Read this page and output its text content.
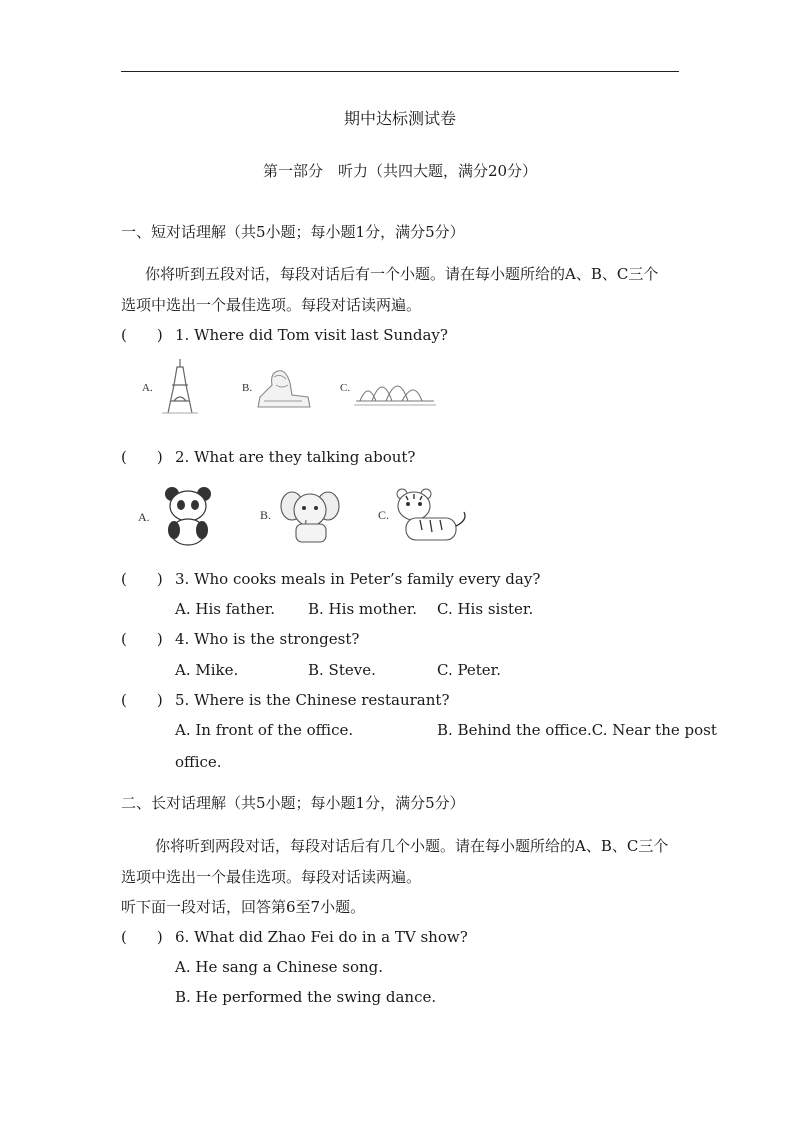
期中达标测试卷
第一部分　听力（共四大题，满分20分）
一、短对话理解（共5小题；每小题1分，满分5分）
你将听到五段对话，每段对话后有一个小题。请在每小题所给的A、B、C三个
选项中选出一个最佳选项。每段对话读两遍。
(　　) 1. Where did Tom visit last Sunday?
A.	B.	C.
(　　) 2. What are they talking about?
A.	B.	C.
(　　) 3. Who cooks meals in Peter’s family every day?
A. His father. B. His mother. C. His sister.
(　　) 4. Who is the strongest?
A. Mike.	B. Steve.	C. Peter.
(　　) 5. Where is the Chinese restaurant?
A. In front of the office.	B. Behind the office.C. Near the post
office.
二、长对话理解（共5小题；每小题1分，满分5分）
你将听到两段对话，每段对话后有几个小题。请在每小题所给的A、B、C三个
选项中选出一个最佳选项。每段对话读两遍。
听下面一段对话，回答第6至7小题。
(　　) 6. What did Zhao Fei do in a TV show?
A. He sang a Chinese song.
B. He performed the swing dance.
